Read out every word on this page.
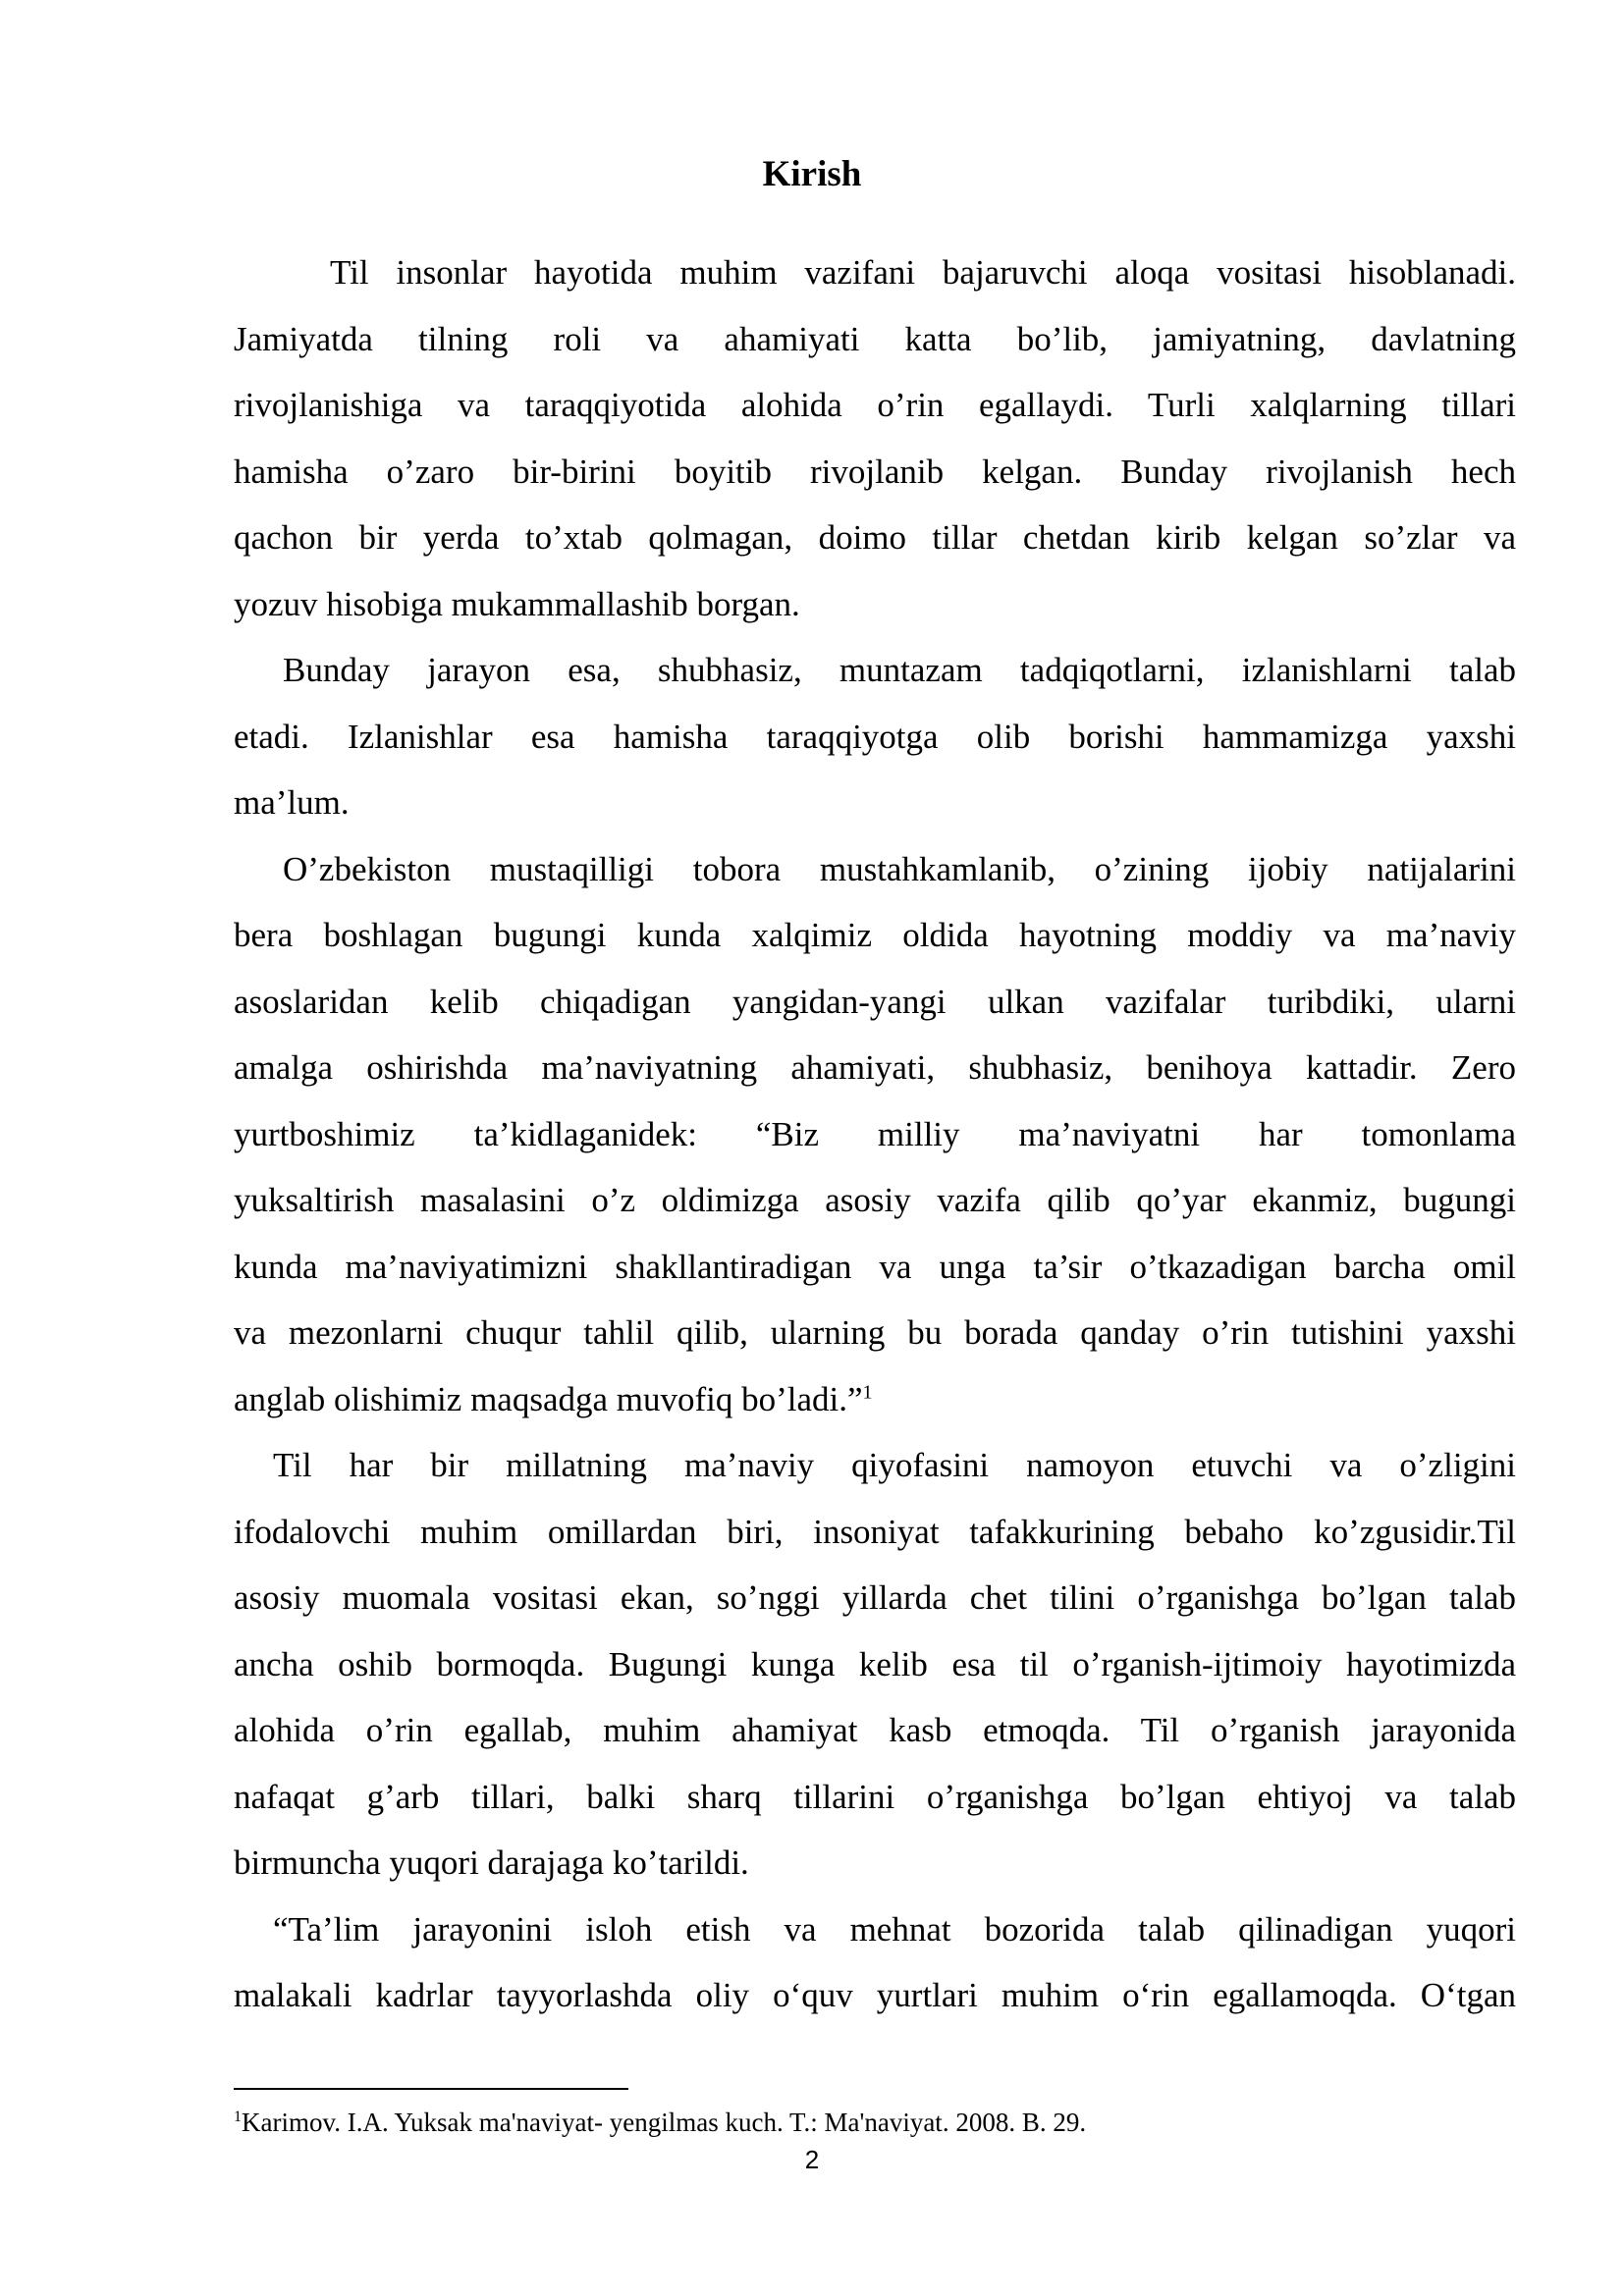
Kirish
Til insonlar hayotida muhim vazifani bajaruvchi aloqa vositasi hisoblanadi.
Jamiyatda tilning roli va ahamiyati katta bo’lib, jamiyatning, davlatning
rivojlanishiga va taraqqiyotida alohida o’rin egallaydi. Turli xalqlarning tillari
hamisha o’zaro bir-birini boyitib rivojlanib kelgan. Bunday rivojlanish hech
qachon bir yerda to’xtab qolmagan, doimo tillar chetdan kirib kelgan so’zlar va
yozuv hisobiga mukammallashib borgan.
Bunday jarayon esa, shubhasiz, muntazam tadqiqotlarni, izlanishlarni talab
etadi. Izlanishlar esa hamisha taraqqiyotga olib borishi hammamizga yaxshi
ma’lum.
O’zbekiston mustaqilligi tobora mustahkamlanib, o’zining ijobiy natijalarini
bera boshlagan bugungi kunda xalqimiz oldida hayotning moddiy va ma’naviy
asoslaridan kelib chiqadigan yangidan-yangi ulkan vazifalar turibdiki, ularni
amalga oshirishda ma’naviyatning ahamiyati, shubhasiz, benihoya kattadir. Zero
yurtboshimiz ta’kidlaganidek: “Biz milliy ma’naviyatni har tomonlama
yuksaltirish masalasini o’z oldimizga asosiy vazifa qilib qo’yar ekanmiz, bugungi
kunda ma’naviyatimizni shakllantiradigan va unga ta’sir o’tkazadigan barcha omil
va mezonlarni chuqur tahlil qilib, ularning bu borada qanday o’rin tutishini yaxshi
anglab olishimiz maqsadga muvofiq bo’ladi.”$^1$
Til har bir millatning maʼnaviy qiyofasini namoyon etuvchi va oʼzligini
ifodalovchi muhim omillardan biri, insoniyat tafakkurining bebaho koʼzgusidir.Til
asosiy muomala vositasi ekan, soʼnggi yillarda chet tilini oʼrganishga boʼlgan talab
ancha oshib bormoqda. Bugungi kunga kelib esa til oʼrganish-ijtimoiy hayotimizda
alohida oʼrin egallab, muhim ahamiyat kasb etmoqda. Til oʼrganish jarayonida
nafaqat gʼarb tillari, balki sharq tillarini oʼrganishga boʼlgan ehtiyoj va talab
birmuncha yuqori darajaga koʼtarildi.
“Ta’lim jarayonini isloh etish va mehnat bozorida talab qilinadigan yuqori
malakali kadrlar tayyorlashda oliy oʻquv yurtlari muhim oʻrin egallamoqda. Oʻtgan
$^1$Karimov. I.A. Yuksak ma'naviyat- yengilmas kuch. T.: Ma'naviyat. 2008. B. 29.
2
